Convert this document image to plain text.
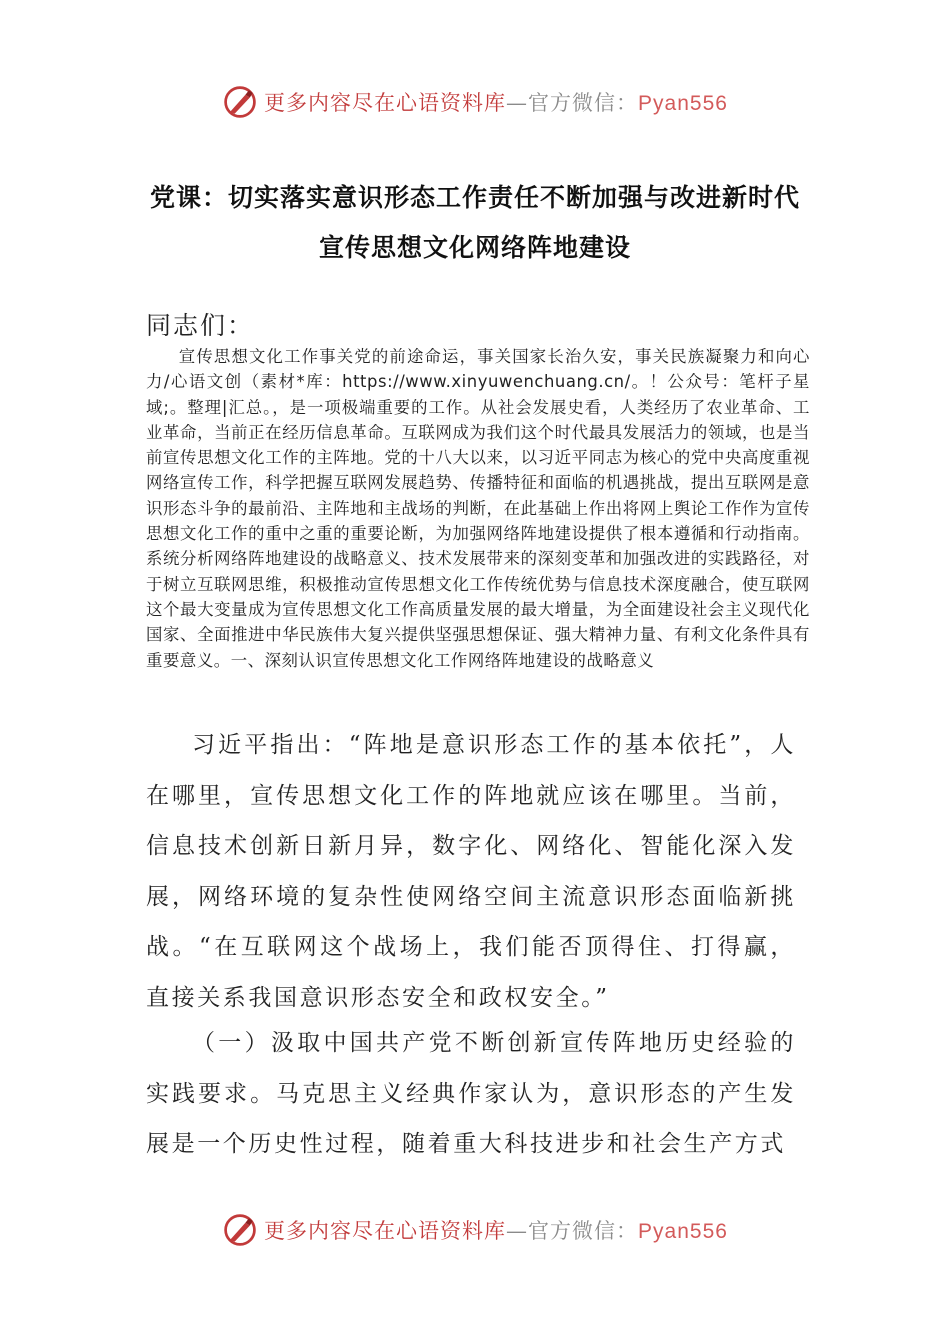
更多内容尽在心语资料库—官方微信：Pyan556
党课：切实落实意识形态工作责任不断加强与改进新时代
宣传思想文化网络阵地建设
同志们：

宣传思想文化工作事关党的前途命运，事关国家长治久安，事关民族凝聚力和向心力/心语文创（素材*库：https://www.xinyuwenchuang.cn/。！公众号：笔杆子星域;。整理|汇总。，是一项极端重要的工作。从社会发展史看，人类经历了农业革命、工业革命，当前正在经历信息革命。互联网成为我们这个时代最具发展活力的领域，也是当前宣传思想文化工作的主阵地。党的十八大以来，以习近平同志为核心的党中央高度重视网络宣传工作，科学把握互联网发展趋势、传播特征和面临的机遇挑战，提出互联网是意识形态斗争的最前沿、主阵地和主战场的判断，在此基础上作出将网上舆论工作作为宣传思想文化工作的重中之重的重要论断，为加强网络阵地建设提供了根本遵循和行动指南。系统分析网络阵地建设的战略意义、技术发展带来的深刻变革和加强改进的实践路径，对于树立互联网思维，积极推动宣传思想文化工作传统优势与信息技术深度融合，使互联网这个最大变量成为宣传思想文化工作高质量发展的最大增量，为全面建设社会主义现代化国家、全面推进中华民族伟大复兴提供坚强思想保证、强大精神力量、有利文化条件具有重要意义。一、深刻认识宣传思想文化工作网络阵地建设的战略意义

习近平指出：“阵地是意识形态工作的基本依托”，人在哪里，宣传思想文化工作的阵地就应该在哪里。当前，信息技术创新日新月异，数字化、网络化、智能化深入发展，网络环境的复杂性使网络空间主流意识形态面临新挑战。“在互联网这个战场上，我们能否顶得住、打得赢，直接关系我国意识形态安全和政权安全。”

（一）汲取中国共产党不断创新宣传阵地历史经验的实践要求。马克思主义经典作家认为，意识形态的产生发展是一个历史性过程，随着重大科技进步和社会生产方式

更多内容尽在心语资料库—官方微信：Pyan556
